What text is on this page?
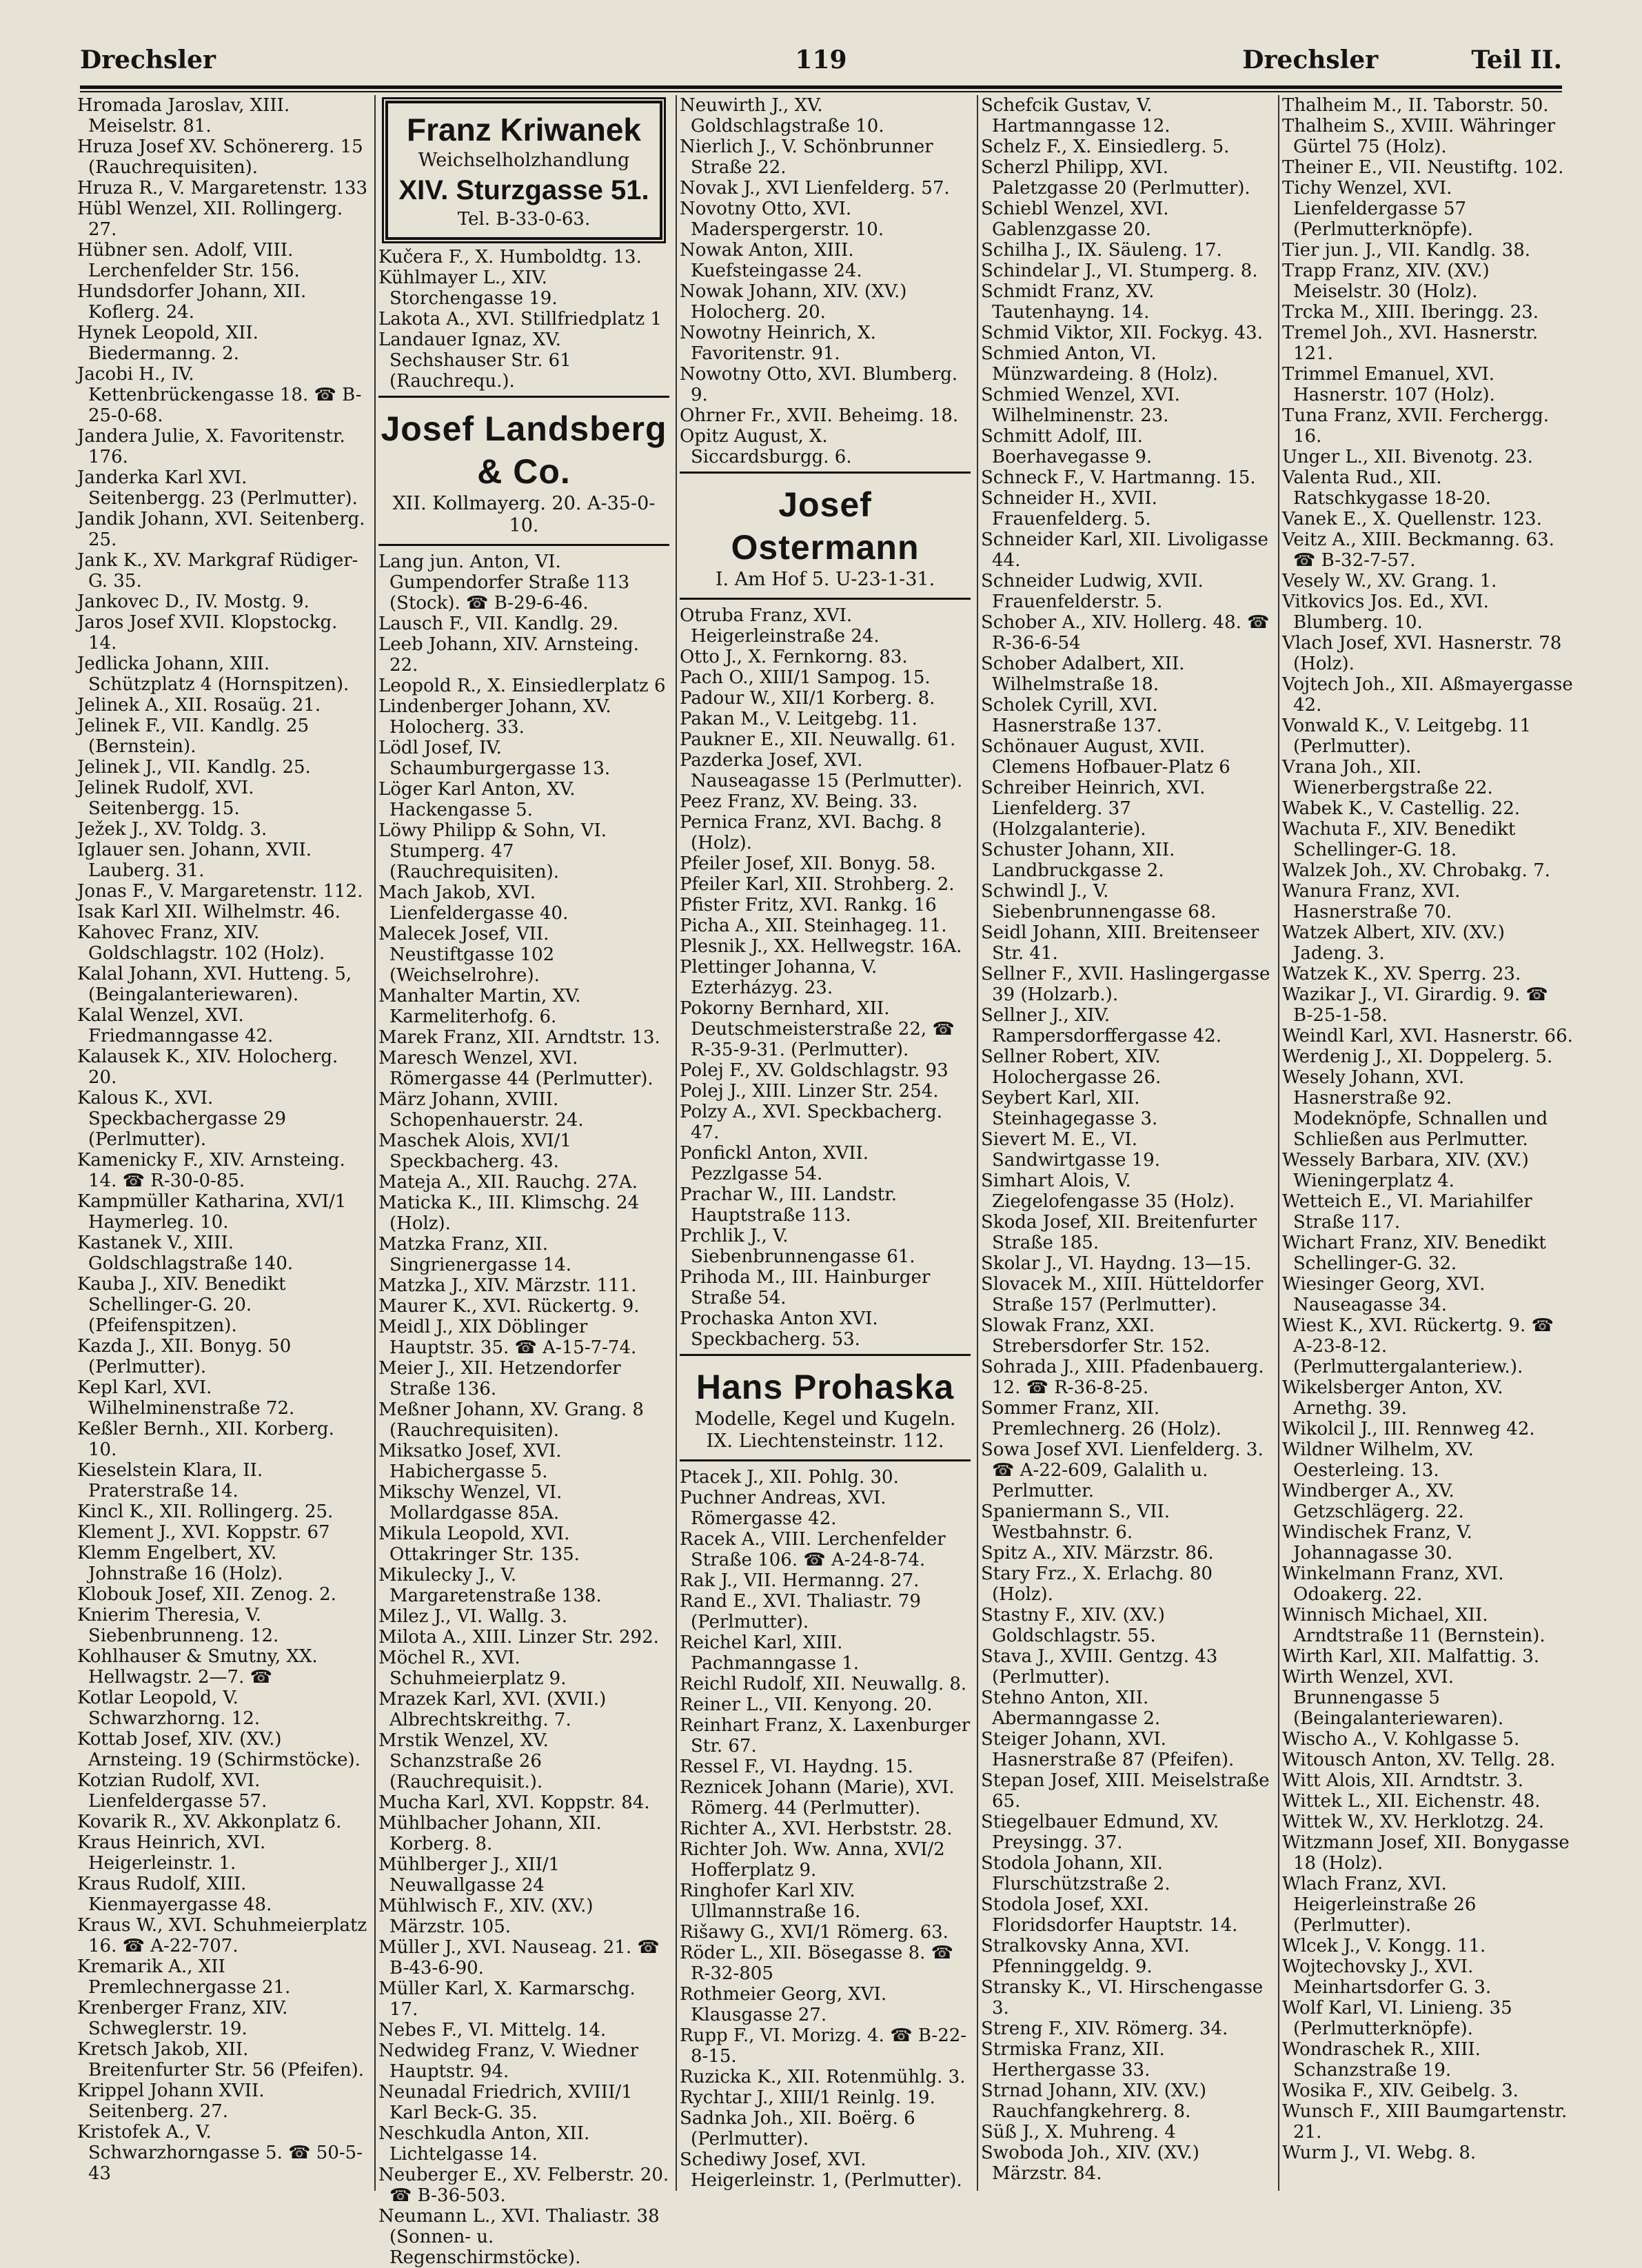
Drechsler	119	Drechsler	Teil II.
Hromada Jaroslav, XIII. Meiselstr. 81.
Hruza Josef XV. Schönererg. 15 (Rauchrequisiten).
Hruza R., V. Margaretenstr. 133
Hübl Wenzel, XII. Rollingerg. 27.
Hübner sen. Adolf, VIII. Lerchenfelder Str. 156.
Hundsdorfer Johann, XII. Koflerg. 24.
Hynek Leopold, XII. Biedermanng. 2.
Jacobi H., IV. Kettenbrückengasse 18. ☎ B-25-0-68.
Jandera Julie, X. Favoritenstr. 176.
Janderka Karl XVI. Seitenbergg. 23 (Perlmutter).
Jandik Johann, XVI. Seitenberg. 25.
Jank K., XV. Markgraf Rüdiger-G. 35.
Jankovec D., IV. Mostg. 9.
Jaros Josef XVII. Klopstockg. 14.
Jedlicka Johann, XIII. Schützplatz 4 (Hornspitzen).
Jelinek A., XII. Rosaüg. 21.
Jelinek F., VII. Kandlg. 25 (Bernstein).
Jelinek J., VII. Kandlg. 25.
Jelinek Rudolf, XVI. Seitenbergg. 15.
Ježek J., XV. Toldg. 3.
Iglauer sen. Johann, XVII. Lauberg. 31.
Jonas F., V. Margaretenstr. 112.
Isak Karl XII. Wilhelmstr. 46.
Kahovec Franz, XIV. Goldschlagstr. 102 (Holz).
Kalal Johann, XVI. Hutteng. 5, (Beingalanteriewaren).
Kalal Wenzel, XVI. Friedmanngasse 42.
Kalausek K., XIV. Holocherg. 20.
Kalous K., XVI. Speckbachergasse 29 (Perlmutter).
Kamenicky F., XIV. Arnsteing. 14. ☎ R-30-0-85.
Kampmüller Katharina, XVI/1 Haymerleg. 10.
Kastanek V., XIII. Goldschlagstraße 140.
Kauba J., XIV. Benedikt Schellinger-G. 20. (Pfeifenspitzen).
Kazda J., XII. Bonyg. 50 (Perlmutter).
Kepl Karl, XVI. Wilhelminenstraße 72.
Keßler Bernh., XII. Korberg. 10.
Kieselstein Klara, II. Praterstraße 14.
Kincl K., XII. Rollingerg. 25.
Klement J., XVI. Koppstr. 67
Klemm Engelbert, XV. Johnstraße 16 (Holz).
Klobouk Josef, XII. Zenog. 2.
Knierim Theresia, V. Siebenbrunneng. 12.
Kohlhauser & Smutny, XX. Hellwagstr. 2—7. ☎
Kotlar Leopold, V. Schwarzhorng. 12.
Kottab Josef, XIV. (XV.) Arnsteing. 19 (Schirmstöcke).
Kotzian Rudolf, XVI. Lienfeldergasse 57.
Kovarik R., XV. Akkonplatz 6.
Kraus Heinrich, XVI. Heigerleinstr. 1.
Kraus Rudolf, XIII. Kienmayergasse 48.
Kraus W., XVI. Schuhmeierplatz 16. ☎ A-22-707.
Kremarik A., XII Premlechnergasse 21.
Krenberger Franz, XIV. Schweglerstr. 19.
Kretsch Jakob, XII. Breitenfurter Str. 56 (Pfeifen).
Krippel Johann XVII. Seitenberg. 27.
Kristofek A., V. Schwarzhorngasse 5. ☎ 50-5-43
Franz Kriwanek
Weichselholzhandlung
XIV. Sturzgasse 51.
Tel. B-33-0-63.
Kučera F., X. Humboldtg. 13.
Kühlmayer L., XIV. Storchengasse 19.
Lakota A., XVI. Stillfriedplatz 1
Landauer Ignaz, XV. Sechshauser Str. 61 (Rauchrequ.).
Josef Landsberg & Co.
XII. Kollmayerg. 20. A-35-0-10.
Lang jun. Anton, VI. Gumpendorfer Straße 113 (Stock). ☎ B-29-6-46.
Lausch F., VII. Kandlg. 29.
Leeb Johann, XIV. Arnsteing. 22.
Leopold R., X. Einsiedlerplatz 6
Lindenberger Johann, XV. Holocherg. 33.
Lödl Josef, IV. Schaumburgergasse 13.
Löger Karl Anton, XV. Hackengasse 5.
Löwy Philipp & Sohn, VI. Stumperg. 47 (Rauchrequisiten).
Mach Jakob, XVI. Lienfeldergasse 40.
Malecek Josef, VII. Neustiftgasse 102 (Weichselrohre).
Manhalter Martin, XV. Karmeliterhofg. 6.
Marek Franz, XII. Arndtstr. 13.
Maresch Wenzel, XVI. Römergasse 44 (Perlmutter).
März Johann, XVIII. Schopenhauerstr. 24.
Maschek Alois, XVI/1 Speckbacherg. 43.
Mateja A., XII. Rauchg. 27A.
Maticka K., III. Klimschg. 24 (Holz).
Matzka Franz, XII. Singrienergasse 14.
Matzka J., XIV. Märzstr. 111.
Maurer K., XVI. Rückertg. 9.
Meidl J., XIX Döblinger Hauptstr. 35. ☎ A-15-7-74.
Meier J., XII. Hetzendorfer Straße 136.
Meßner Johann, XV. Grang. 8 (Rauchrequisiten).
Miksatko Josef, XVI. Habichergasse 5.
Mikschy Wenzel, VI. Mollardgasse 85A.
Mikula Leopold, XVI. Ottakringer Str. 135.
Mikulecky J., V. Margaretenstraße 138.
Milez J., VI. Wallg. 3.
Milota A., XIII. Linzer Str. 292.
Möchel R., XVI. Schuhmeierplatz 9.
Mrazek Karl, XVI. (XVII.) Albrechtskreithg. 7.
Mrstik Wenzel, XV. Schanzstraße 26 (Rauchrequisit.).
Mucha Karl, XVI. Koppstr. 84.
Mühlbacher Johann, XII. Korberg. 8.
Mühlberger J., XII/1 Neuwallgasse 24
Mühlwisch F., XIV. (XV.) Märzstr. 105.
Müller J., XVI. Nauseag. 21. ☎ B-43-6-90.
Müller Karl, X. Karmarschg. 17.
Nebes F., VI. Mittelg. 14.
Nedwideg Franz, V. Wiedner Hauptstr. 94.
Neunadal Friedrich, XVIII/1 Karl Beck-G. 35.
Neschkudla Anton, XII. Lichtelgasse 14.
Neuberger E., XV. Felberstr. 20. ☎ B-36-503.
Neumann L., XVI. Thaliastr. 38 (Sonnen- u. Regenschirmstöcke).
Neuwirth J., XV. Goldschlagstraße 10.
Nierlich J., V. Schönbrunner Straße 22.
Novak J., XVI Lienfelderg. 57.
Novotny Otto, XVI. Maderspergerstr. 10.
Nowak Anton, XIII. Kuefsteingasse 24.
Nowak Johann, XIV. (XV.) Holocherg. 20.
Nowotny Heinrich, X. Favoritenstr. 91.
Nowotny Otto, XVI. Blumberg. 9.
Ohrner Fr., XVII. Beheimg. 18.
Opitz August, X. Siccardsburgg. 6.
Josef Ostermann
I. Am Hof 5. U-23-1-31.
Otruba Franz, XVI. Heigerleinstraße 24.
Otto J., X. Fernkorng. 83.
Pach O., XIII/1 Sampog. 15.
Padour W., XII/1 Korberg. 8.
Pakan M., V. Leitgebg. 11.
Paukner E., XII. Neuwallg. 61.
Pazderka Josef, XVI. Nauseagasse 15 (Perlmutter).
Peez Franz, XV. Being. 33.
Pernica Franz, XVI. Bachg. 8 (Holz).
Pfeiler Josef, XII. Bonyg. 58.
Pfeiler Karl, XII. Strohberg. 2.
Pfister Fritz, XVI. Rankg. 16
Picha A., XII. Steinhageg. 11.
Plesnik J., XX. Hellwegstr. 16A.
Plettinger Johanna, V. Ezterházyg. 23.
Pokorny Bernhard, XII. Deutschmeisterstraße 22, ☎ R-35-9-31. (Perlmutter).
Polej F., XV. Goldschlagstr. 93
Polej J., XIII. Linzer Str. 254.
Polzy A., XVI. Speckbacherg. 47.
Ponfickl Anton, XVII. Pezzlgasse 54.
Prachar W., III. Landstr. Hauptstraße 113.
Prchlik J., V. Siebenbrunnengasse 61.
Prihoda M., III. Hainburger Straße 54.
Prochaska Anton XVI. Speckbacherg. 53.
Hans Prohaska
Modelle, Kegel und Kugeln.
IX. Liechtensteinstr. 112.
Ptacek J., XII. Pohlg. 30.
Puchner Andreas, XVI. Römergasse 42.
Racek A., VIII. Lerchenfelder Straße 106. ☎ A-24-8-74.
Rak J., VII. Hermanng. 27.
Rand E., XVI. Thaliastr. 79 (Perlmutter).
Reichel Karl, XIII. Pachmanngasse 1.
Reichl Rudolf, XII. Neuwallg. 8.
Reiner L., VII. Kenyong. 20.
Reinhart Franz, X. Laxenburger Str. 67.
Ressel F., VI. Haydng. 15.
Reznicek Johann (Marie), XVI. Römerg. 44 (Perlmutter).
Richter A., XVI. Herbststr. 28.
Richter Joh. Ww. Anna, XVI/2 Hofferplatz 9.
Ringhofer Karl XIV. Ullmannstraße 16.
Rišawy G., XVI/1 Römerg. 63.
Röder L., XII. Bösegasse 8. ☎ R-32-805
Rothmeier Georg, XVI. Klausgasse 27.
Rupp F., VI. Morizg. 4. ☎ B-22-8-15.
Ruzicka K., XII. Rotenmühlg. 3.
Rychtar J., XIII/1 Reinlg. 19.
Sadnka Joh., XII. Boërg. 6 (Perlmutter).
Schediwy Josef, XVI. Heigerleinstr. 1, (Perlmutter).
Schefcik Gustav, V. Hartmanngasse 12.
Schelz F., X. Einsiedlerg. 5.
Scherzl Philipp, XVI. Paletzgasse 20 (Perlmutter).
Schiebl Wenzel, XVI. Gablenzgasse 20.
Schilha J., IX. Säuleng. 17.
Schindelar J., VI. Stumperg. 8.
Schmidt Franz, XV. Tautenhayng. 14.
Schmid Viktor, XII. Fockyg. 43.
Schmied Anton, VI. Münzwardeing. 8 (Holz).
Schmied Wenzel, XVI. Wilhelminenstr. 23.
Schmitt Adolf, III. Boerhavegasse 9.
Schneck F., V. Hartmanng. 15.
Schneider H., XVII. Frauenfelderg. 5.
Schneider Karl, XII. Livoligasse 44.
Schneider Ludwig, XVII. Frauenfelderstr. 5.
Schober A., XIV. Hollerg. 48. ☎ R-36-6-54
Schober Adalbert, XII. Wilhelmstraße 18.
Scholek Cyrill, XVI. Hasnerstraße 137.
Schönauer August, XVII. Clemens Hofbauer-Platz 6
Schreiber Heinrich, XVI. Lienfelderg. 37 (Holzgalanterie).
Schuster Johann, XII. Landbruckgasse 2.
Schwindl J., V. Siebenbrunnengasse 68.
Seidl Johann, XIII. Breitenseer Str. 41.
Sellner F., XVII. Haslingergasse 39 (Holzarb.).
Sellner J., XIV. Rampersdorffergasse 42.
Sellner Robert, XIV. Holochergasse 26.
Seybert Karl, XII. Steinhagegasse 3.
Sievert M. E., VI. Sandwirtgasse 19.
Simhart Alois, V. Ziegelofengasse 35 (Holz).
Skoda Josef, XII. Breitenfurter Straße 185.
Skolar J., VI. Haydng. 13—15.
Slovacek M., XIII. Hütteldorfer Straße 157 (Perlmutter).
Slowak Franz, XXI. Strebersdorfer Str. 152.
Sohrada J., XIII. Pfadenbauerg. 12. ☎ R-36-8-25.
Sommer Franz, XII. Premlechnerg. 26 (Holz).
Sowa Josef XVI. Lienfelderg. 3. ☎ A-22-609, Galalith u. Perlmutter.
Spaniermann S., VII. Westbahnstr. 6.
Spitz A., XIV. Märzstr. 86.
Stary Frz., X. Erlachg. 80 (Holz).
Stastny F., XIV. (XV.) Goldschlagstr. 55.
Stava J., XVIII. Gentzg. 43 (Perlmutter).
Stehno Anton, XII. Abermanngasse 2.
Steiger Johann, XVI. Hasnerstraße 87 (Pfeifen).
Stepan Josef, XIII. Meiselstraße 65.
Stiegelbauer Edmund, XV. Preysingg. 37.
Stodola Johann, XII. Flurschützstraße 2.
Stodola Josef, XXI. Floridsdorfer Hauptstr. 14.
Stralkovsky Anna, XVI. Pfenninggeldg. 9.
Stransky K., VI. Hirschengasse 3.
Streng F., XIV. Römerg. 34.
Strmiska Franz, XII. Herthergasse 33.
Strnad Johann, XIV. (XV.) Rauchfangkehrerg. 8.
Süß J., X. Muhreng. 4
Swoboda Joh., XIV. (XV.) Märzstr. 84.
Thalheim M., II. Taborstr. 50.
Thalheim S., XVIII. Währinger Gürtel 75 (Holz).
Theiner E., VII. Neustiftg. 102.
Tichy Wenzel, XVI. Lienfeldergasse 57 (Perlmutterknöpfe).
Tier jun. J., VII. Kandlg. 38.
Trapp Franz, XIV. (XV.) Meiselstr. 30 (Holz).
Trcka M., XIII. Iberingg. 23.
Tremel Joh., XVI. Hasnerstr. 121.
Trimmel Emanuel, XVI. Hasnerstr. 107 (Holz).
Tuna Franz, XVII. Ferchergg. 16.
Unger L., XII. Bivenotg. 23.
Valenta Rud., XII. Ratschkygasse 18-20.
Vanek E., X. Quellenstr. 123.
Veitz A., XIII. Beckmanng. 63. ☎ B-32-7-57.
Vesely W., XV. Grang. 1.
Vitkovics Jos. Ed., XVI. Blumberg. 10.
Vlach Josef, XVI. Hasnerstr. 78 (Holz).
Vojtech Joh., XII. Aßmayergasse 42.
Vonwald K., V. Leitgebg. 11 (Perlmutter).
Vrana Joh., XII. Wienerbergstraße 22.
Wabek K., V. Castellig. 22.
Wachuta F., XIV. Benedikt Schellinger-G. 18.
Walzek Joh., XV. Chrobakg. 7.
Wanura Franz, XVI. Hasnerstraße 70.
Watzek Albert, XIV. (XV.) Jadeng. 3.
Watzek K., XV. Sperrg. 23.
Wazikar J., VI. Girardig. 9. ☎ B-25-1-58.
Weindl Karl, XVI. Hasnerstr. 66.
Werdenig J., XI. Doppelerg. 5.
Wesely Johann, XVI. Hasnerstraße 92. Modeknöpfe, Schnallen und Schließen aus Perlmutter.
Wessely Barbara, XIV. (XV.) Wieningerplatz 4.
Wetteich E., VI. Mariahilfer Straße 117.
Wichart Franz, XIV. Benedikt Schellinger-G. 32.
Wiesinger Georg, XVI. Nauseagasse 34.
Wiest K., XVI. Rückertg. 9. ☎ A-23-8-12. (Perlmuttergalanteriew.).
Wikelsberger Anton, XV. Arnethg. 39.
Wikolcil J., III. Rennweg 42.
Wildner Wilhelm, XV. Oesterleing. 13.
Windberger A., XV. Getzschlägerg. 22.
Windischek Franz, V. Johannagasse 30.
Winkelmann Franz, XVI. Odoakerg. 22.
Winnisch Michael, XII. Arndtstraße 11 (Bernstein).
Wirth Karl, XII. Malfattig. 3.
Wirth Wenzel, XVI. Brunnengasse 5 (Beingalanteriewaren).
Wischo A., V. Kohlgasse 5.
Witousch Anton, XV. Tellg. 28.
Witt Alois, XII. Arndtstr. 3.
Wittek L., XII. Eichenstr. 48.
Wittek W., XV. Herklotzg. 24.
Witzmann Josef, XII. Bonygasse 18 (Holz).
Wlach Franz, XVI. Heigerleinstraße 26 (Perlmutter).
Wlcek J., V. Kongg. 11.
Wojtechovsky J., XVI. Meinhartsdorfer G. 3.
Wolf Karl, VI. Linieng. 35 (Perlmutterknöpfe).
Wondraschek R., XIII. Schanzstraße 19.
Wosika F., XIV. Geibelg. 3.
Wunsch F., XIII Baumgartenstr. 21.
Wurm J., VI. Webg. 8.
